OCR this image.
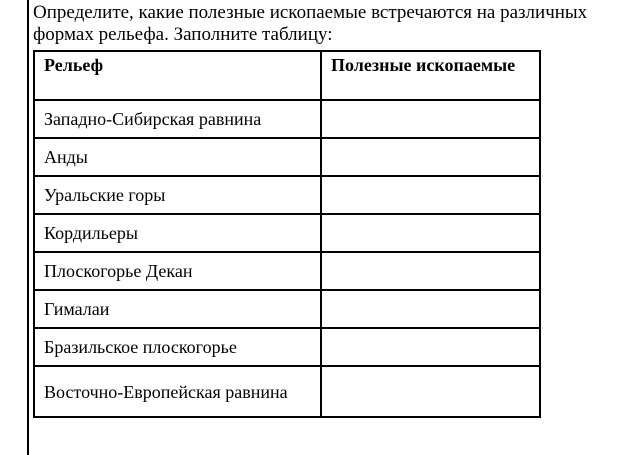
Определите, какие полезные ископаемые встречаются на различных формах рельефа. Заполните таблицу:

Рельеф	Полезные ископаемые
Западно-Сибирская равнина	
Анды	
Уральские горы	
Кордильеры	
Плоскогорье Декан	
Гималаи	
Бразильское плоскогорье	
Восточно-Европейская равнина	
